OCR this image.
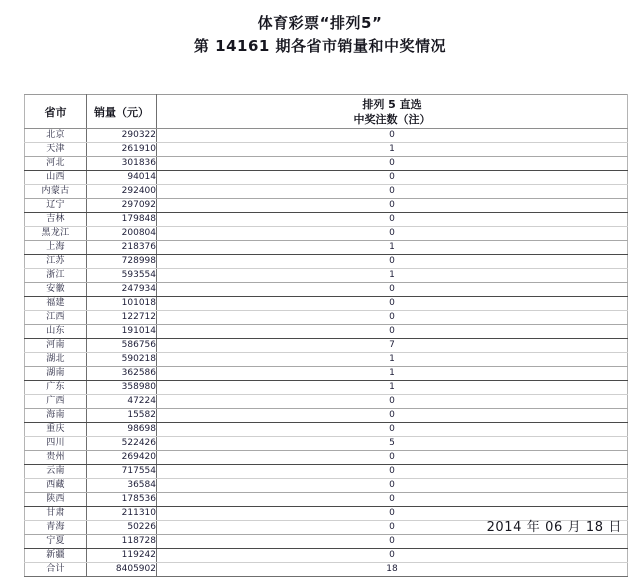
体育彩票“排列5”
第 14161 期各省市销量和中奖情况
省市	销量（元）	排列 5 直选
中奖注数（注）

北京	290322	0
天津	261910	1
河北	301836	0
山西	94014	0
内蒙古	292400	0
辽宁	297092	0
吉林	179848	0
黑龙江	200804	0
上海	218376	1
江苏	728998	0
浙江	593554	1
安徽	247934	0
福建	101018	0
江西	122712	0
山东	191014	0
河南	586756	7
湖北	590218	1
湖南	362586	1
广东	358980	1
广西	47224	0
海南	15582	0
重庆	98698	0
四川	522426	5
贵州	269420	0
云南	717554	0
西藏	36584	0
陕西	178536	0
甘肃	211310	0
青海	50226	0
宁夏	118728	0
新疆	119242	0
合计	8405902	18
2014 年 06 月 18 日
